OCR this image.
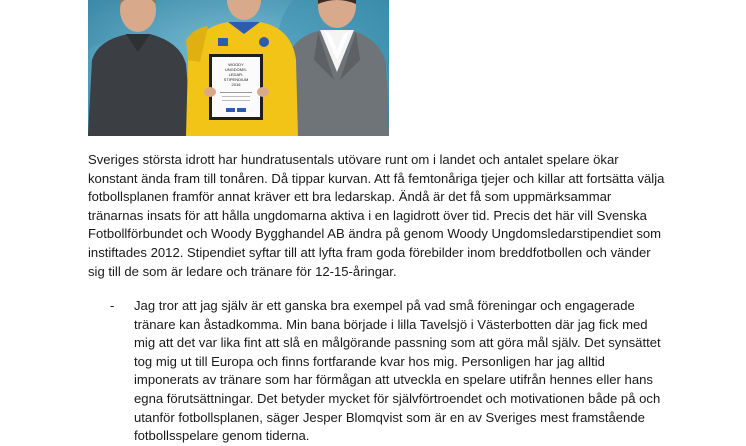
WOODY
UNGDOMS-
LEDAR-
STIPENDIUM
2016

Sveriges största idrott har hundratusentals utövare runt om i landet och antalet spelare ökar konstant ända fram till tonåren. Då tippar kurvan. Att få femtonåriga tjejer och killar att fortsätta välja fotbollsplanen framför annat kräver ett bra ledarskap. Ändå är det få som uppmärksammar tränarnas insats för att hålla ungdomarna aktiva i en lagidrott över tid. Precis det här vill Svenska Fotbollförbundet och Woody Bygghandel AB ändra på genom Woody Ungdomsledarstipendiet som instiftades 2012. Stipendiet syftar till att lyfta fram goda förebilder inom breddfotbollen och vänder sig till de som är ledare och tränare för 12-15-åringar.

- Jag tror att jag själv är ett ganska bra exempel på vad små föreningar och engagerade tränare kan åstadkomma. Min bana började i lilla Tavelsjö i Västerbotten där jag fick med mig att det var lika fint att slå en målgörande passning som att göra mål själv. Det synsättet tog mig ut till Europa och finns fortfarande kvar hos mig. Personligen har jag alltid imponerats av tränare som har förmågan att utveckla en spelare utifrån hennes eller hans egna förutsättningar. Det betyder mycket för självförtroendet och motivationen både på och utanför fotbollsplanen, säger Jesper Blomqvist som är en av Sveriges mest framstående fotbollsspelare genom tiderna.
